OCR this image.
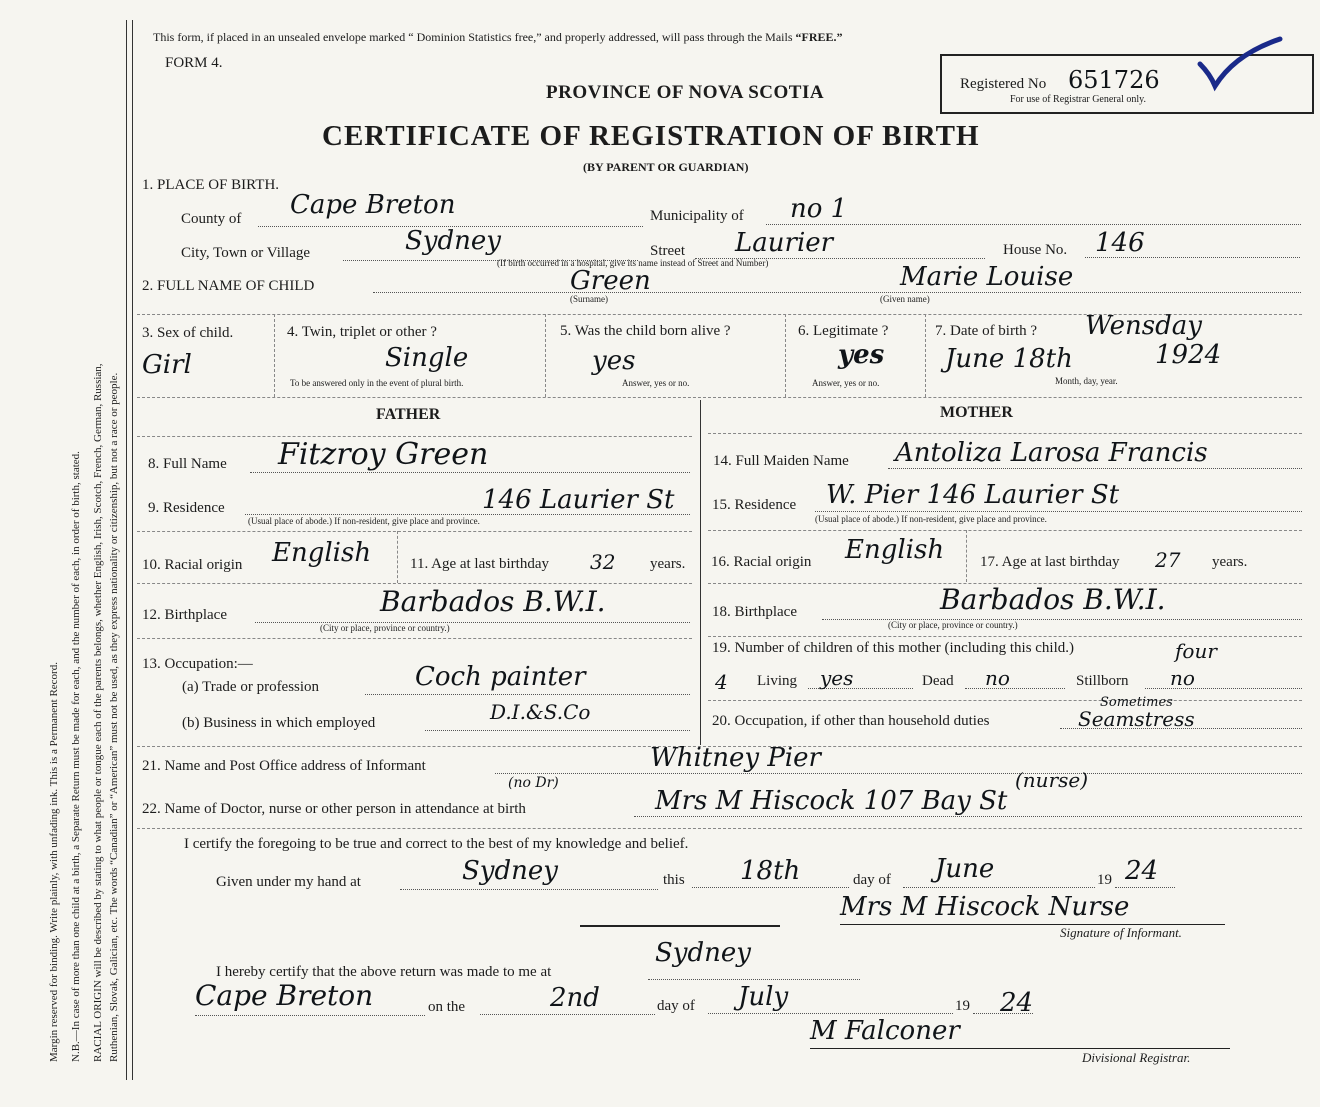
Margin reserved for binding. Write plainly, with unfading ink. This is a Permanent Record. N.B.—In case of more than one child at a birth, a Separate Return must be made for each, and the number of each, in order of birth, stated. RACIAL ORIGIN will be described by stating to what people or tongue each of the parents belongs, whether English, Irish, Scotch, French, German, Russian, Ruthenian, Slovak, Galician, etc. The words “Canadian” or “American” must not be used, as they express nationality or citizenship, but not a race or people.
This form, if placed in an unsealed envelope marked “ Dominion Statistics free,” and properly addressed, will pass through the Mails “FREE.”
FORM 4.
PROVINCE OF NOVA SCOTIA
CERTIFICATE OF REGISTRATION OF BIRTH
(BY PARENT OR GUARDIAN)
Registered No 651726
For use of Registrar General only.
1. PLACE OF BIRTH.
County of Cape Breton	Municipality of no 1
City, Town or Village	Sydney	Street Laurier	House No. 146
(If birth occurred in a hospital, give its name instead of Street and Number)
2. FULL NAME OF CHILD	Green
(Surname)
Marie Louise
(Given name)
3. Sex of child.
Girl
4. Twin, triplet or other ?
Single
To be answered only in the event of plural birth.
5. Was the child born alive ?
yes
Answer, yes or no.
6. Legitimate ?
yes
Answer, yes or no.
7. Date of birth ? Wensday
June 18th	1924
Month, day, year.
FATHER	MOTHER
8. Full Name Fitzroy Green
9. Residence	146 Laurier St
(Usual place of abode.) If non-resident, give place and province.
10. Racial origin English	11. Age at last birthday 32 years.
12. Birthplace	Barbados B.W.I.
(City or place, province or country.)
13. Occupation:—
(a) Trade or profession	Coch painter
(b) Business in which employed	D.I.&S.Co
14. Full Maiden Name Antoliza Larosa Francis
15. Residence W. Pier 146 Laurier St
(Usual place of abode.) If non-resident, give place and province.
16. Racial origin English 17. Age at last birthday 27 years.
18. Birthplace	Barbados B.W.I.
(City or place, province or country.)
19. Number of children of this mother (including this child.)	four
4 Living yes	Dead no	Stillborn no
20. Occupation, if other than household duties
Sometimes
Seamstress
21. Name and Post Office address of Informant	Whitney Pier
22. Name of Doctor, nurse or other person in attendance at birth
(no Dr)	(nurse)
Mrs M Hiscock 107 Bay St
I certify the foregoing to be true and correct to the best of my knowledge and belief.
Given under my hand at	Sydney	this 18th	day of June	19 24
Mrs M Hiscock Nurse
Signature of Informant.
I hereby certify that the above return was made to me at
Sydney
Cape Breton	on the	2nd	day of July	19 24
M Falconer
Divisional Registrar.
